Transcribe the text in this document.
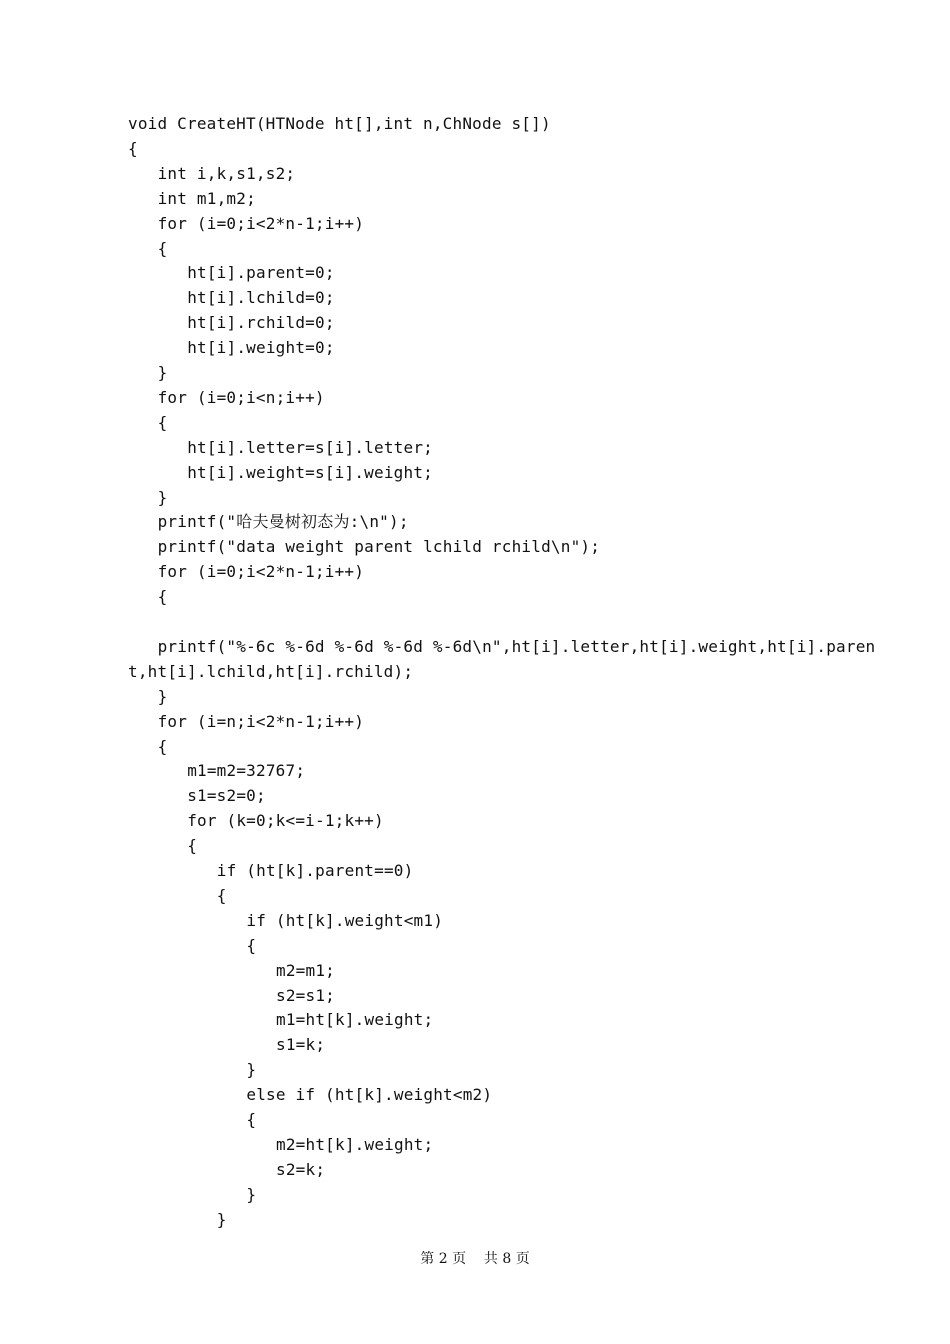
void CreateHT(HTNode ht[],int n,ChNode s[])
{
int i,k,s1,s2;
int m1,m2;
for (i=0;i<2*n-1;i++)
{
ht[i].parent=0;
ht[i].lchild=0;
ht[i].rchild=0;
ht[i].weight=0;
}
for (i=0;i<n;i++)
{
ht[i].letter=s[i].letter;
ht[i].weight=s[i].weight;
}
printf("哈夫曼树初态为:\n");
printf("data weight parent lchild rchild\n");
for (i=0;i<2*n-1;i++)
{
printf("%-6c %-6d %-6d %-6d %-6d\n",ht[i].letter,ht[i].weight,ht[i].paren
t,ht[i].lchild,ht[i].rchild);
}
for (i=n;i<2*n-1;i++)
{
m1=m2=32767;
s1=s2=0;
for (k=0;k<=i-1;k++)
{
if (ht[k].parent==0)
{
if (ht[k].weight<m1)
{
m2=m1;
s2=s1;
m1=ht[k].weight;
s1=k;
}
else if (ht[k].weight<m2)
{
m2=ht[k].weight;
s2=k;
}
}
第 2 页    共 8 页
